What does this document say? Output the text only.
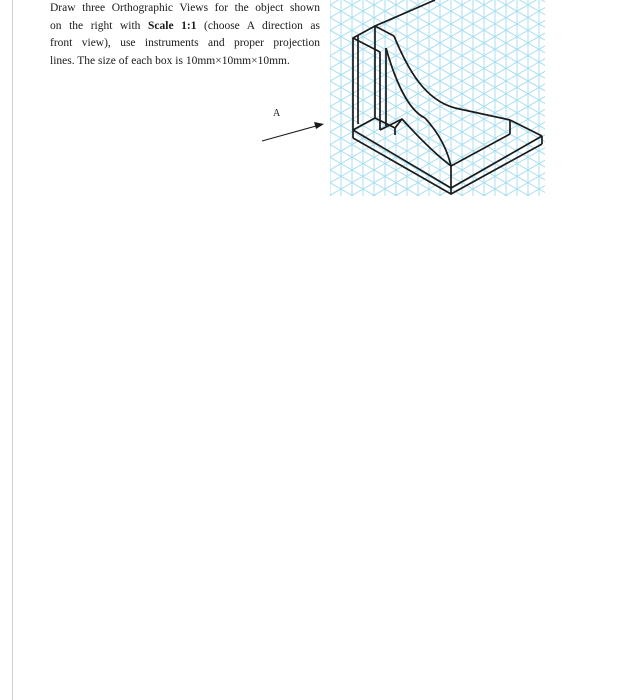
Draw three Orthographic Views for the object shown
on the right with Scale 1:1 (choose A direction as
front view), use instruments and proper projection
lines. The size of each box is 10mm×10mm×10mm.

A
